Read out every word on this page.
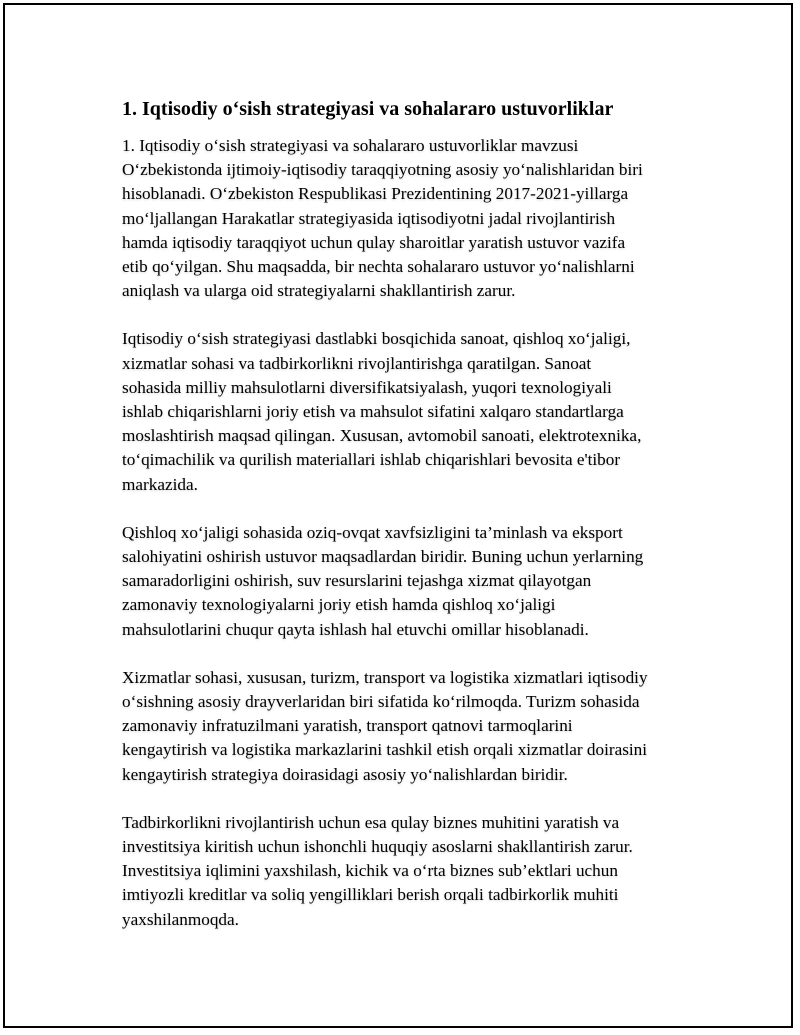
1. Iqtisodiy o‘sish strategiyasi va sohalararo ustuvorliklar

1. Iqtisodiy o‘sish strategiyasi va sohalararo ustuvorliklar mavzusi
O‘zbekistonda ijtimoiy-iqtisodiy taraqqiyotning asosiy yo‘nalishlaridan biri
hisoblanadi. O‘zbekiston Respublikasi Prezidentining 2017-2021-yillarga
mo‘ljallangan Harakatlar strategiyasida iqtisodiyotni jadal rivojlantirish
hamda iqtisodiy taraqqiyot uchun qulay sharoitlar yaratish ustuvor vazifa
etib qo‘yilgan. Shu maqsadda, bir nechta sohalararo ustuvor yo‘nalishlarni
aniqlash va ularga oid strategiyalarni shakllantirish zarur.

Iqtisodiy o‘sish strategiyasi dastlabki bosqichida sanoat, qishloq xo‘jaligi,
xizmatlar sohasi va tadbirkorlikni rivojlantirishga qaratilgan. Sanoat
sohasida milliy mahsulotlarni diversifikatsiyalash, yuqori texnologiyali
ishlab chiqarishlarni joriy etish va mahsulot sifatini xalqaro standartlarga
moslashtirish maqsad qilingan. Xususan, avtomobil sanoati, elektrotexnika,
to‘qimachilik va qurilish materiallari ishlab chiqarishlari bevosita e'tibor
markazida.

Qishloq xo‘jaligi sohasida oziq-ovqat xavfsizligini ta’minlash va eksport
salohiyatini oshirish ustuvor maqsadlardan biridir. Buning uchun yerlarning
samaradorligini oshirish, suv resurslarini tejashga xizmat qilayotgan
zamonaviy texnologiyalarni joriy etish hamda qishloq xo‘jaligi
mahsulotlarini chuqur qayta ishlash hal etuvchi omillar hisoblanadi.

Xizmatlar sohasi, xususan, turizm, transport va logistika xizmatlari iqtisodiy
o‘sishning asosiy drayverlaridan biri sifatida ko‘rilmoqda. Turizm sohasida
zamonaviy infratuzilmani yaratish, transport qatnovi tarmoqlarini
kengaytirish va logistika markazlarini tashkil etish orqali xizmatlar doirasini
kengaytirish strategiya doirasidagi asosiy yo‘nalishlardan biridir.

Tadbirkorlikni rivojlantirish uchun esa qulay biznes muhitini yaratish va
investitsiya kiritish uchun ishonchli huquqiy asoslarni shakllantirish zarur.
Investitsiya iqlimini yaxshilash, kichik va o‘rta biznes sub’ektlari uchun
imtiyozli kreditlar va soliq yengilliklari berish orqali tadbirkorlik muhiti
yaxshilanmoqda.
